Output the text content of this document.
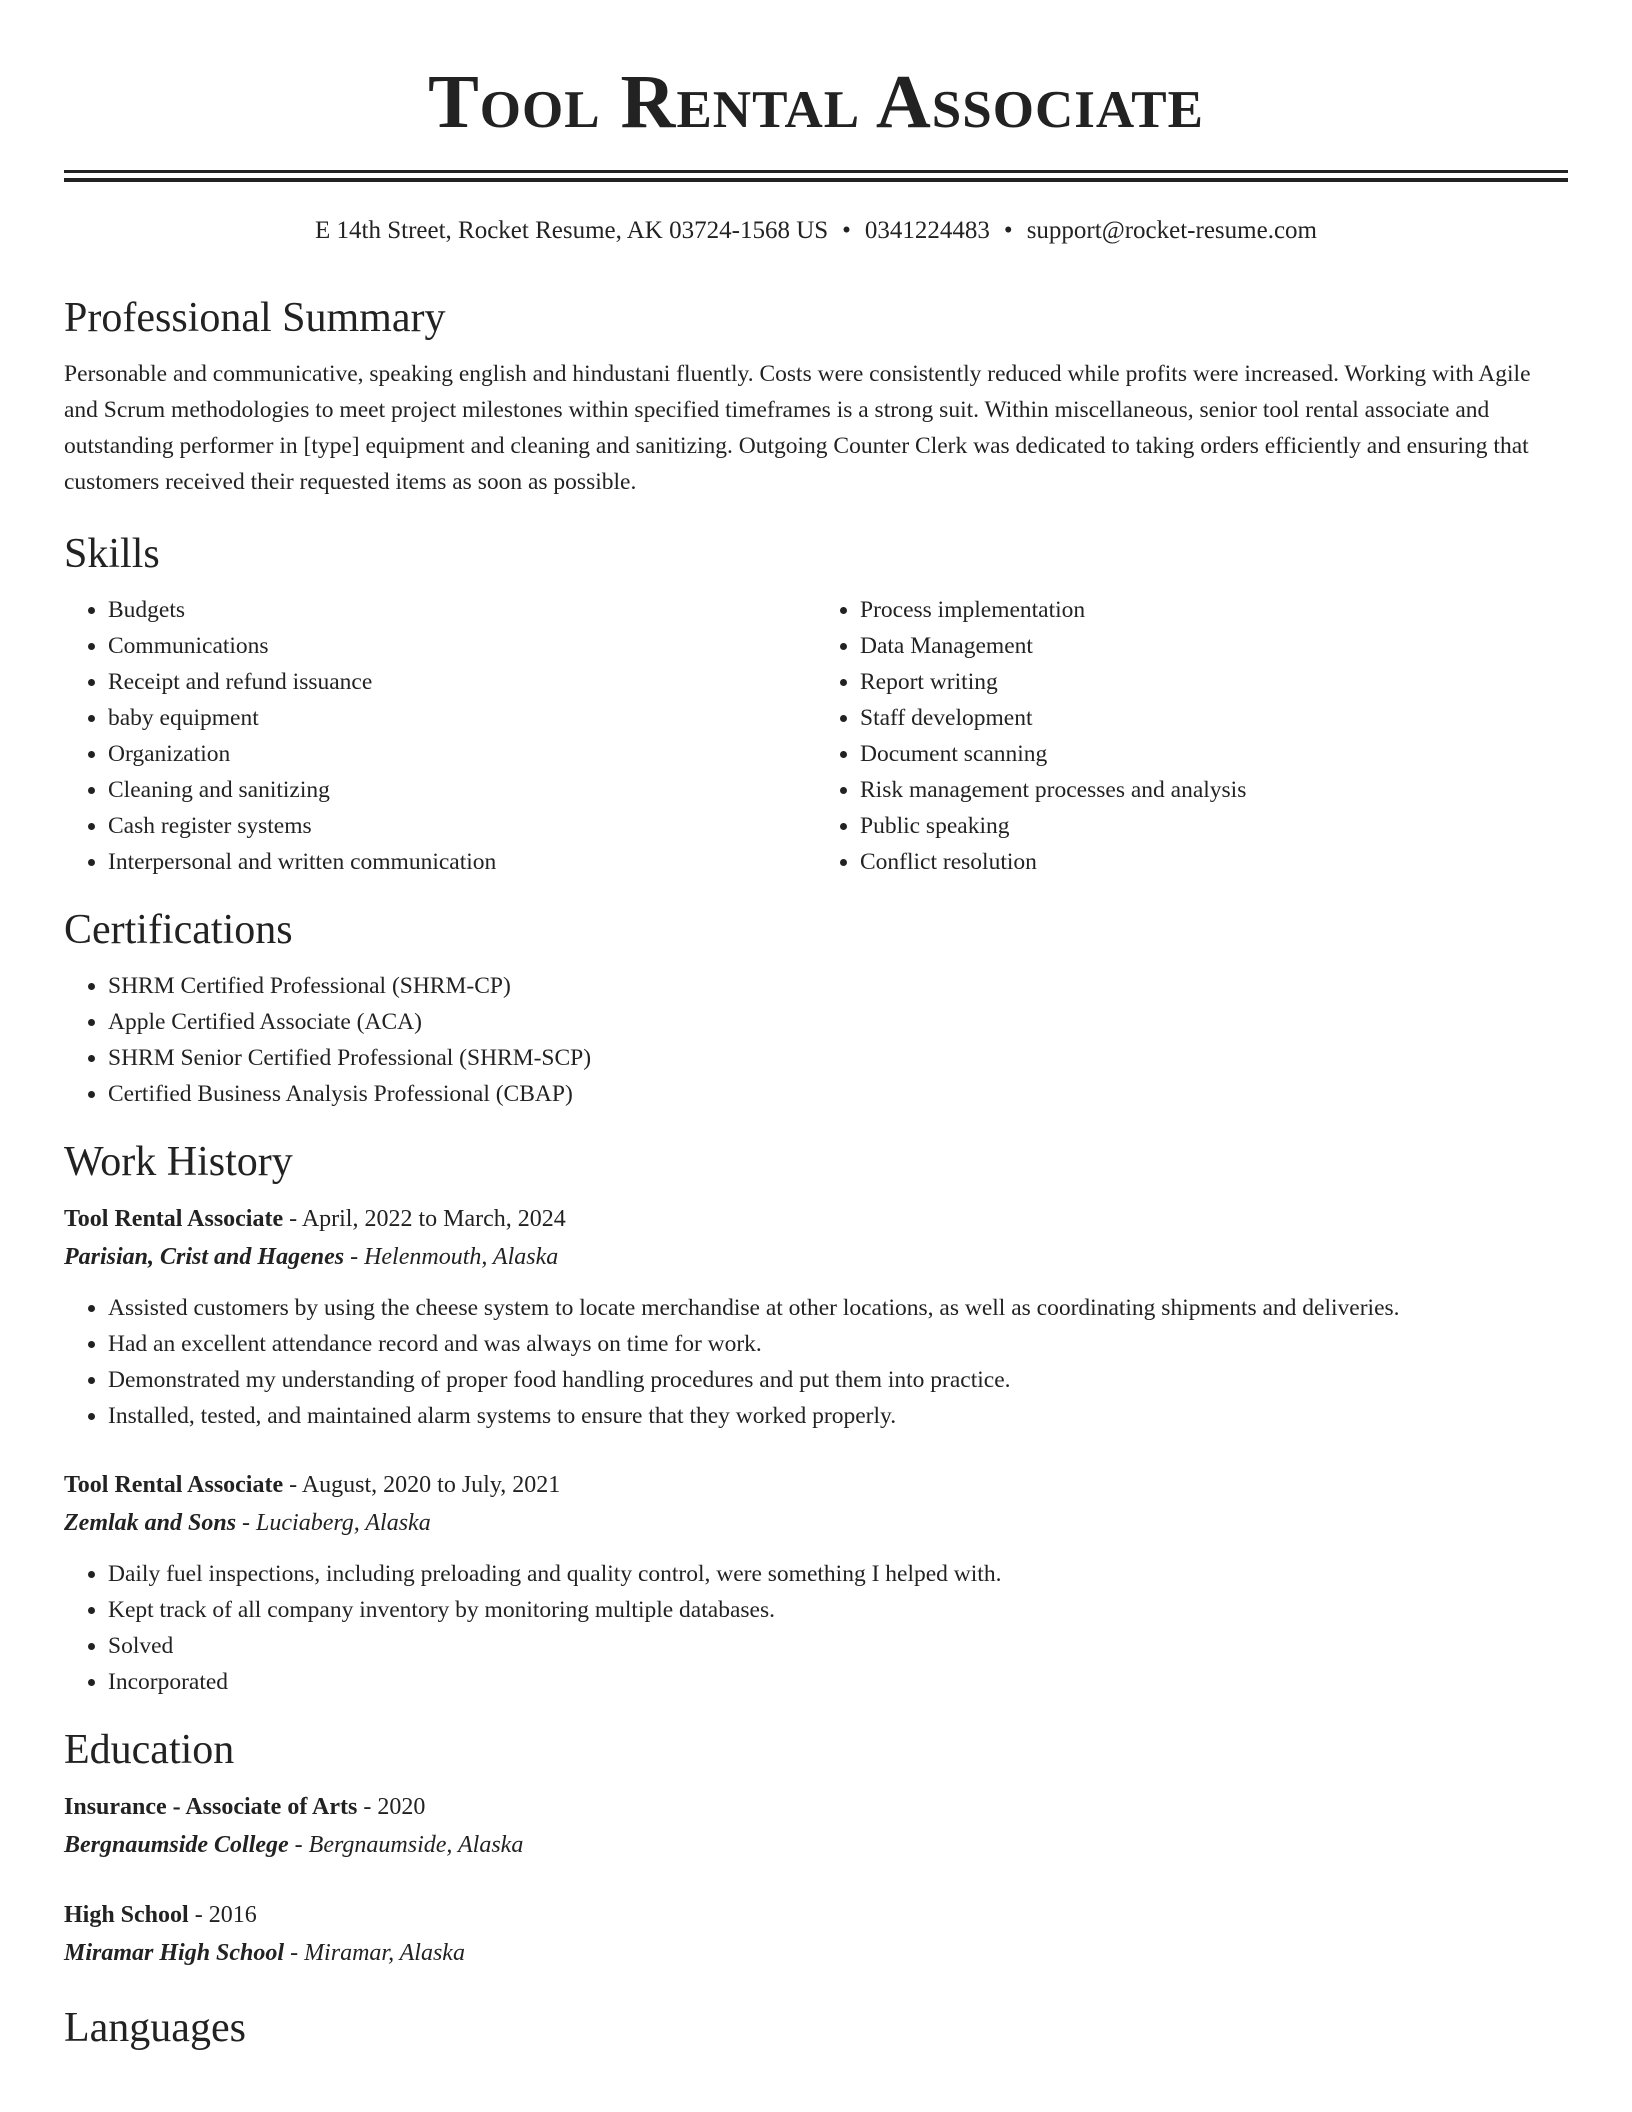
Tool Rental Associate
E 14th Street, Rocket Resume, AK 03724-1568 US • 0341224483 • support@rocket-resume.com
Professional Summary

Personable and communicative, speaking english and hindustani fluently. Costs were consistently reduced while profits were increased. Working with Agile and Scrum methodologies to meet project milestones within specified timeframes is a strong suit. Within miscellaneous, senior tool rental associate and outstanding performer in [type] equipment and cleaning and sanitizing. Outgoing Counter Clerk was dedicated to taking orders efficiently and ensuring that customers received their requested items as soon as possible.

Skills
• Budgets
• Communications
• Receipt and refund issuance
• baby equipment
• Organization
• Cleaning and sanitizing
• Cash register systems
• Interpersonal and written communication
• Process implementation
• Data Management
• Report writing
• Staff development
• Document scanning
• Risk management processes and analysis
• Public speaking
• Conflict resolution
Certifications
• SHRM Certified Professional (SHRM-CP)
• Apple Certified Associate (ACA)
• SHRM Senior Certified Professional (SHRM-SCP)
• Certified Business Analysis Professional (CBAP)
Work History
Tool Rental Associate - April, 2022 to March, 2024
Parisian, Crist and Hagenes - Helenmouth, Alaska
• Assisted customers by using the cheese system to locate merchandise at other locations, as well as coordinating shipments and deliveries.
• Had an excellent attendance record and was always on time for work.
• Demonstrated my understanding of proper food handling procedures and put them into practice.
• Installed, tested, and maintained alarm systems to ensure that they worked properly.
Tool Rental Associate - August, 2020 to July, 2021
Zemlak and Sons - Luciaberg, Alaska
• Daily fuel inspections, including preloading and quality control, were something I helped with.
• Kept track of all company inventory by monitoring multiple databases.
• Solved
• Incorporated
Education
Insurance - Associate of Arts - 2020
Bergnaumside College - Bergnaumside, Alaska
High School - 2016
Miramar High School - Miramar, Alaska
Languages
